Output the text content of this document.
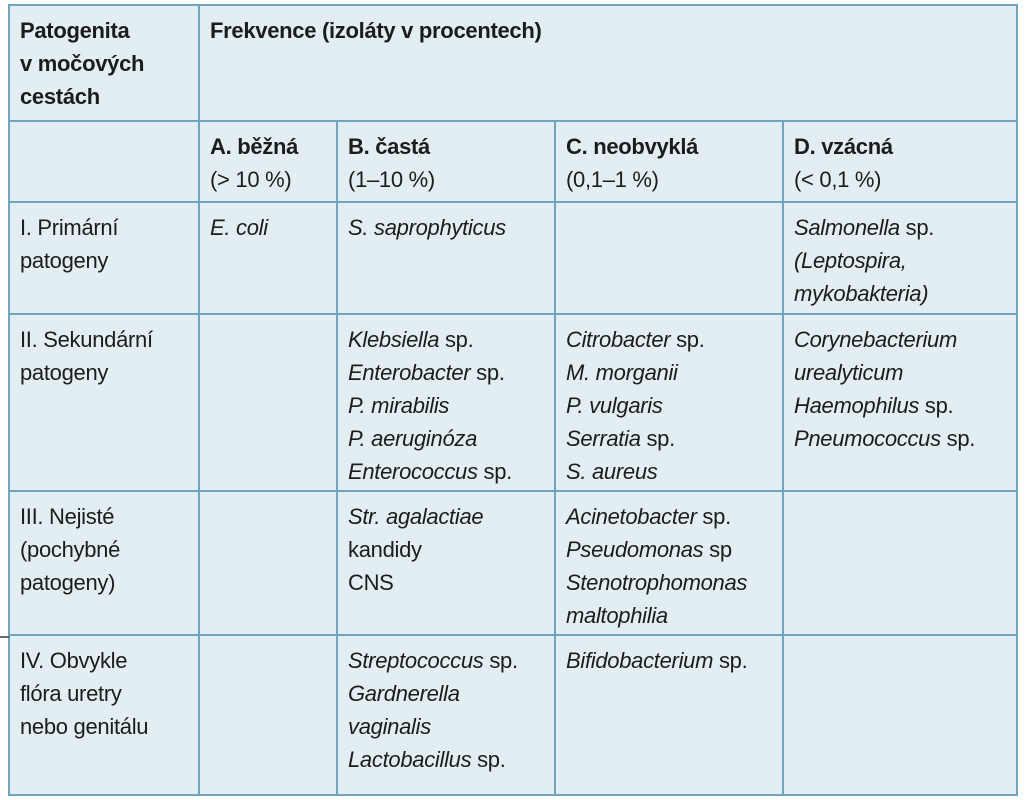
Patogenita
v močových
cestách	Frekvence (izoláty v procentech)			

	A. běžná
(> 10 %)	B. častá
(1–10 %)	C. neobvyklá
(0,1–1 %)	D. vzácná
(< 0,1 %)

I. Primární
patogeny	E. coli	S. saprophyticus		Salmonella sp.
(Leptospira,
mykobakteria)

II. Sekundární
patogeny		Klebsiella sp.
Enterobacter sp.
P. mirabilis
P. aeruginóza
Enterococcus sp.	Citrobacter sp.
M. morganii
P. vulgaris
Serratia sp.
S. aureus	Corynebacterium
urealyticum
Haemophilus sp.
Pneumococcus sp.

III. Nejisté
(pochybné
patogeny)		Str. agalactiae
kandidy
CNS	Acinetobacter sp.
Pseudomonas sp
Stenotrophomonas
maltophilia	

IV. Obvykle
flóra uretry
nebo genitálu		Streptococcus sp.
Gardnerella
vaginalis
Lactobacillus sp.	Bifidobacterium sp.	
